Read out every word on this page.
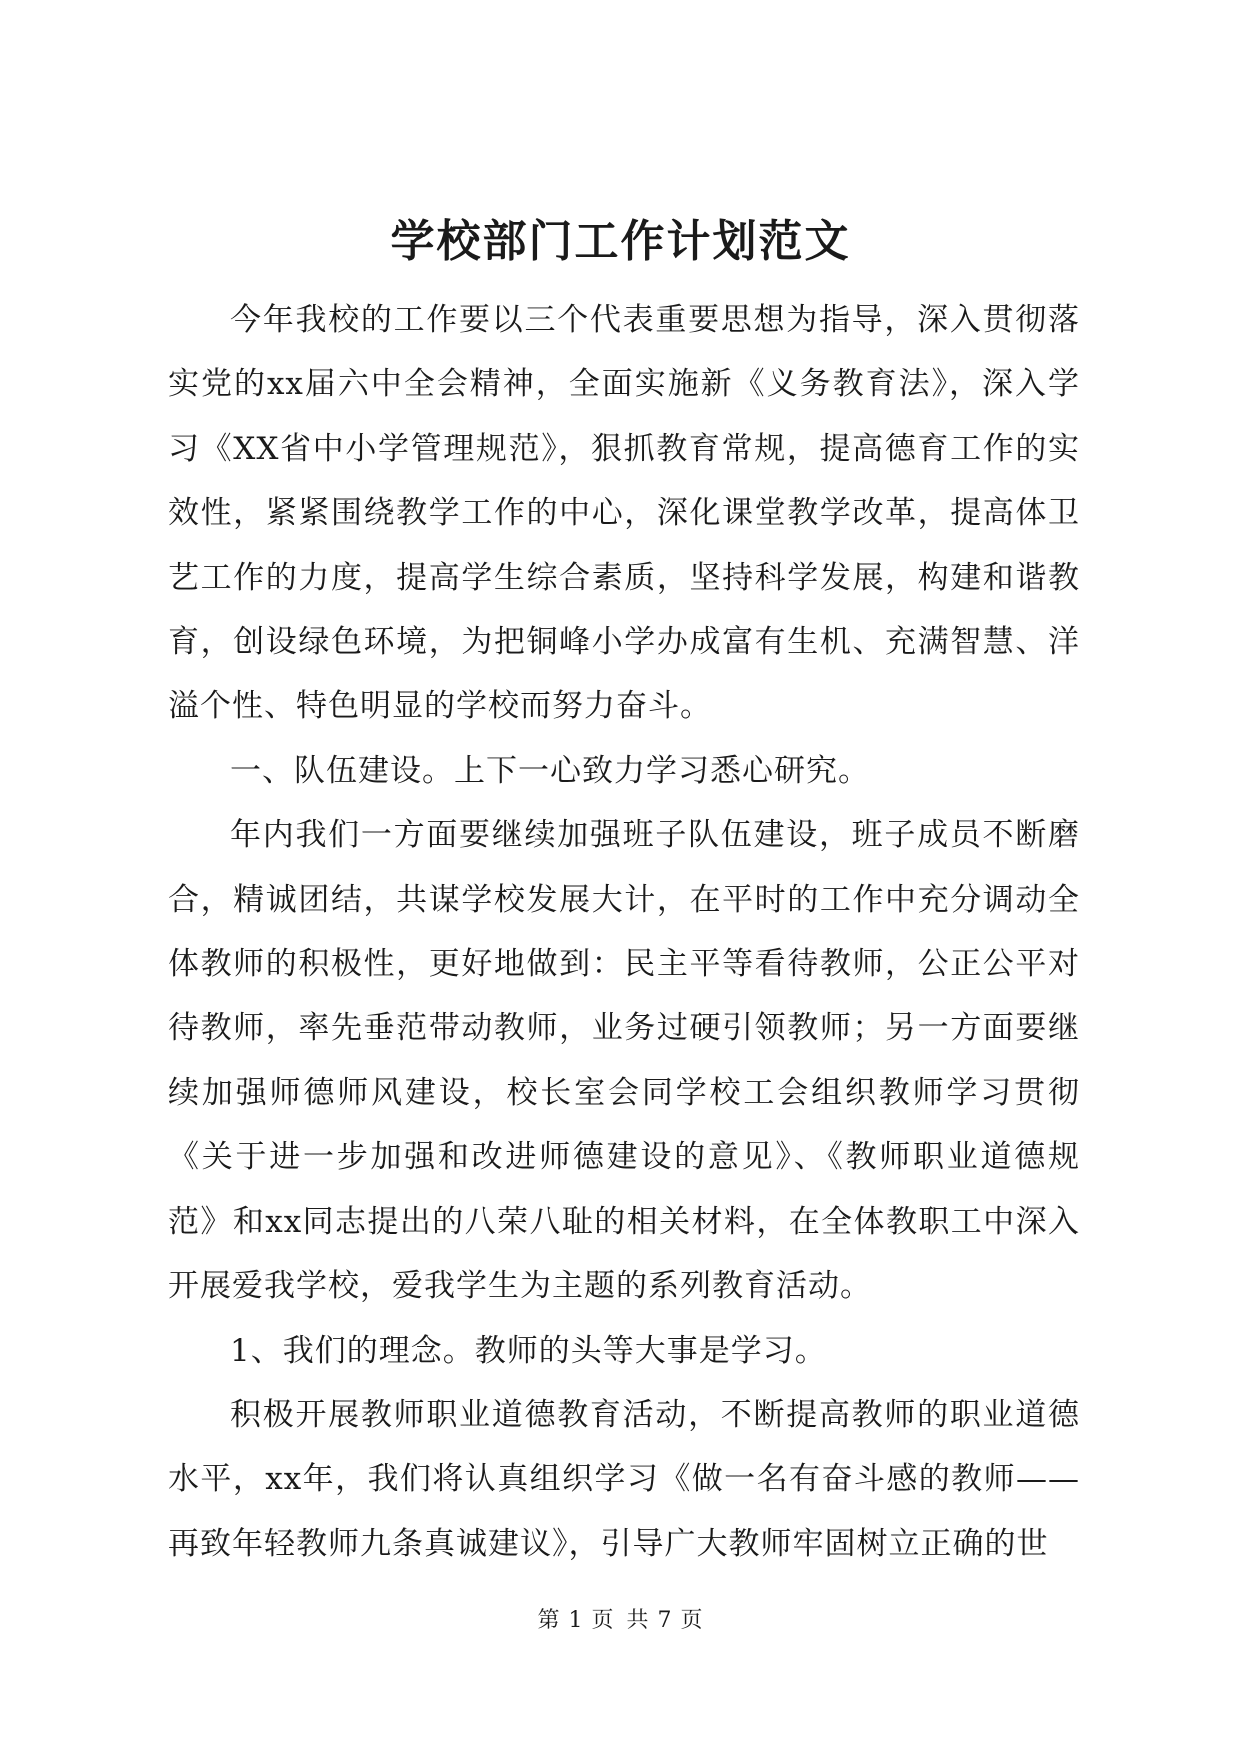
学校部门工作计划范文

今年我校的工作要以三个代表重要思想为指导，深入贯彻落实党的xx届六中全会精神，全面实施新《义务教育法》，深入学习《XX省中小学管理规范》，狠抓教育常规，提高德育工作的实效性，紧紧围绕教学工作的中心，深化课堂教学改革，提高体卫艺工作的力度，提高学生综合素质，坚持科学发展，构建和谐教育，创设绿色环境，为把铜峰小学办成富有生机、充满智慧、洋溢个性、特色明显的学校而努力奋斗。

一、队伍建设。上下一心致力学习悉心研究。

年内我们一方面要继续加强班子队伍建设，班子成员不断磨合，精诚团结，共谋学校发展大计，在平时的工作中充分调动全体教师的积极性，更好地做到：民主平等看待教师，公正公平对待教师，率先垂范带动教师，业务过硬引领教师；另一方面要继续加强师德师风建设，校长室会同学校工会组织教师学习贯彻《关于进一步加强和改进师德建设的意见》、《教师职业道德规范》和xx同志提出的八荣八耻的相关材料，在全体教职工中深入开展爱我学校，爱我学生为主题的系列教育活动。

1、我们的理念。教师的头等大事是学习。

积极开展教师职业道德教育活动，不断提高教师的职业道德水平，xx年，我们将认真组织学习《做一名有奋斗感的教师——再致年轻教师九条真诚建议》，引导广大教师牢固树立正确的世

第 1 页 共 7 页
